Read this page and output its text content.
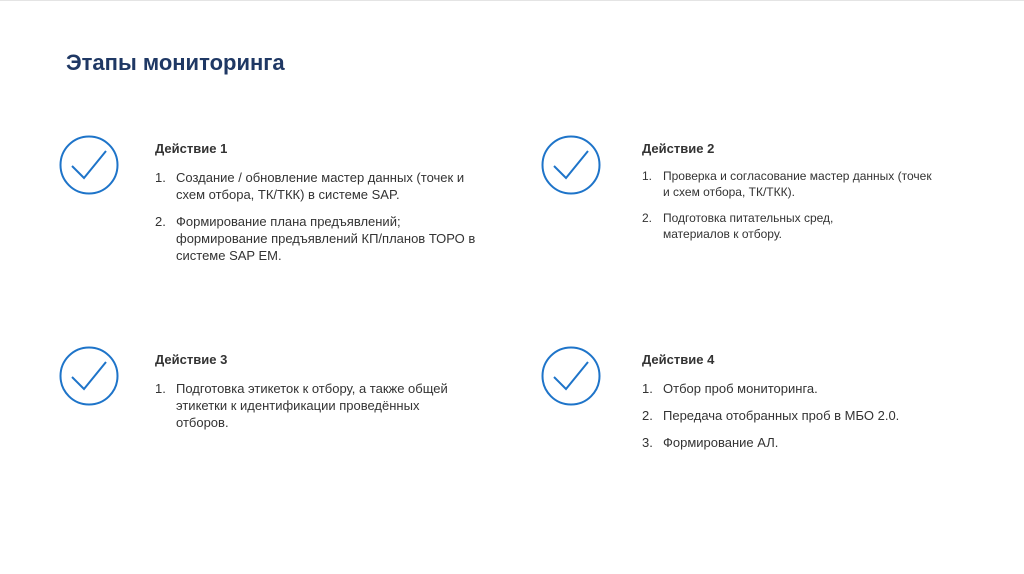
Этапы мониторинга
Действие 1
1. Создание / обновление мастер данных (точек и схем отбора, ТК/ТКК) в системе SAP.
2. Формирование плана предъявлений; формирование предъявлений КП/планов ТОРО в системе SAP EM.
Действие 2
1. Проверка и согласование мастер данных (точек и схем отбора, ТК/ТКК).
2. Подготовка питательных сред, материалов к отбору.
Действие 3
1. Подготовка этикеток к отбору, а также общей этикетки к идентификации проведённых отборов.
Действие 4
1. Отбор проб мониторинга.
2. Передача отобранных проб в МБО 2.0.
3. Формирование АЛ.
